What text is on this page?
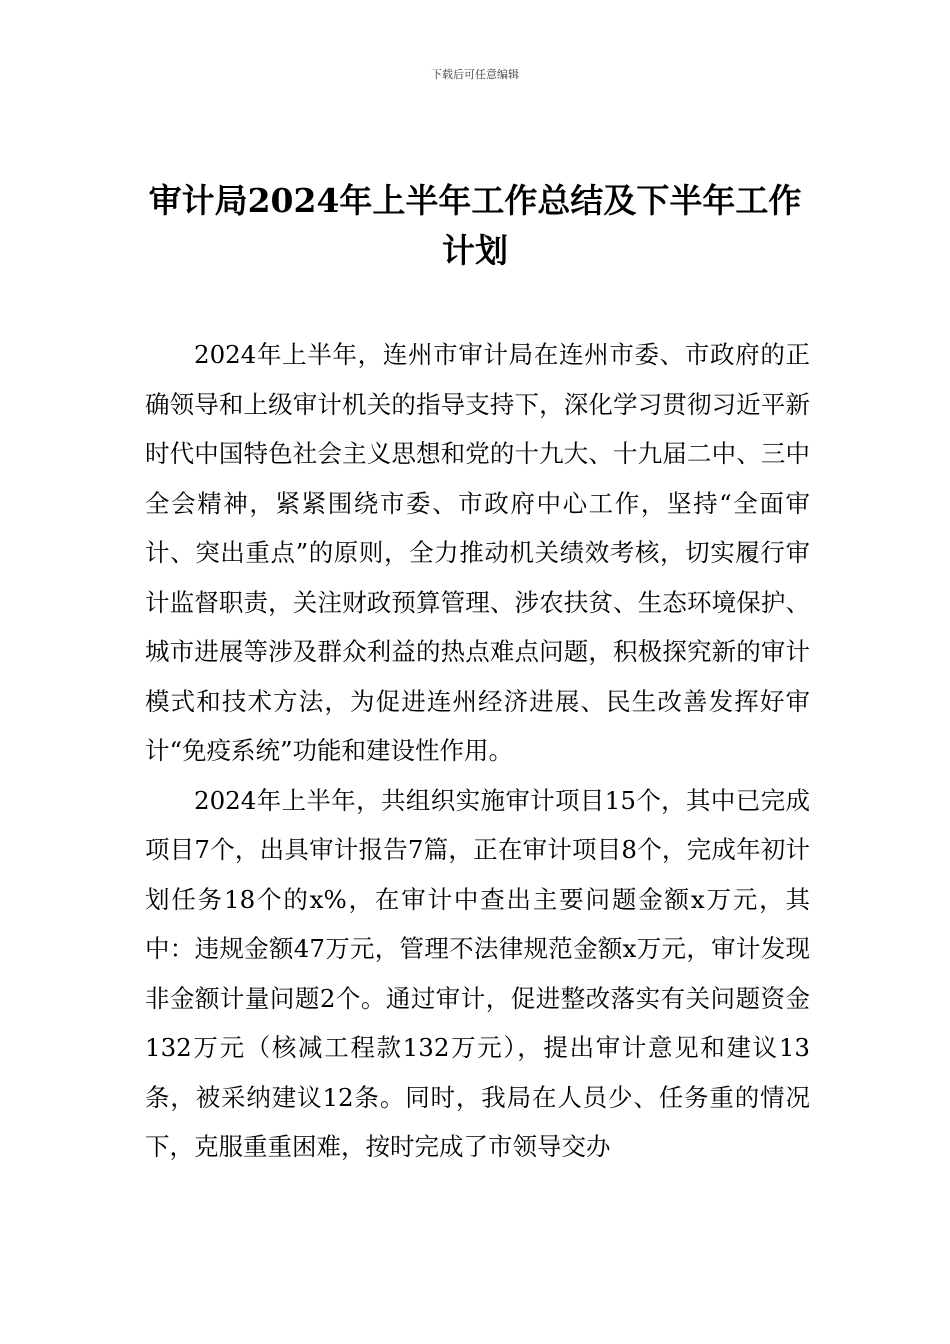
下载后可任意编辑
审计局2024年上半年工作总结及下半年工作计划

2024年上半年，连州市审计局在连州市委、市政府的正确领导和上级审计机关的指导支持下，深化学习贯彻习近平新时代中国特色社会主义思想和党的十九大、十九届二中、三中全会精神，紧紧围绕市委、市政府中心工作，坚持“全面审计、突出重点”的原则，全力推动机关绩效考核，切实履行审计监督职责，关注财政预算管理、涉农扶贫、生态环境保护、城市进展等涉及群众利益的热点难点问题，积极探究新的审计模式和技术方法，为促进连州经济进展、民生改善发挥好审计“免疫系统”功能和建设性作用。

2024年上半年，共组织实施审计项目15个，其中已完成项目7个，出具审计报告7篇，正在审计项目8个，完成年初计划任务18个的x%，在审计中查出主要问题金额x万元，其中：违规金额47万元，管理不法律规范金额x万元，审计发现非金额计量问题2个。通过审计，促进整改落实有关问题资金132万元（核减工程款132万元），提出审计意见和建议13条，被采纳建议12条。同时，我局在人员少、任务重的情况下，克服重重困难，按时完成了市领导交办
